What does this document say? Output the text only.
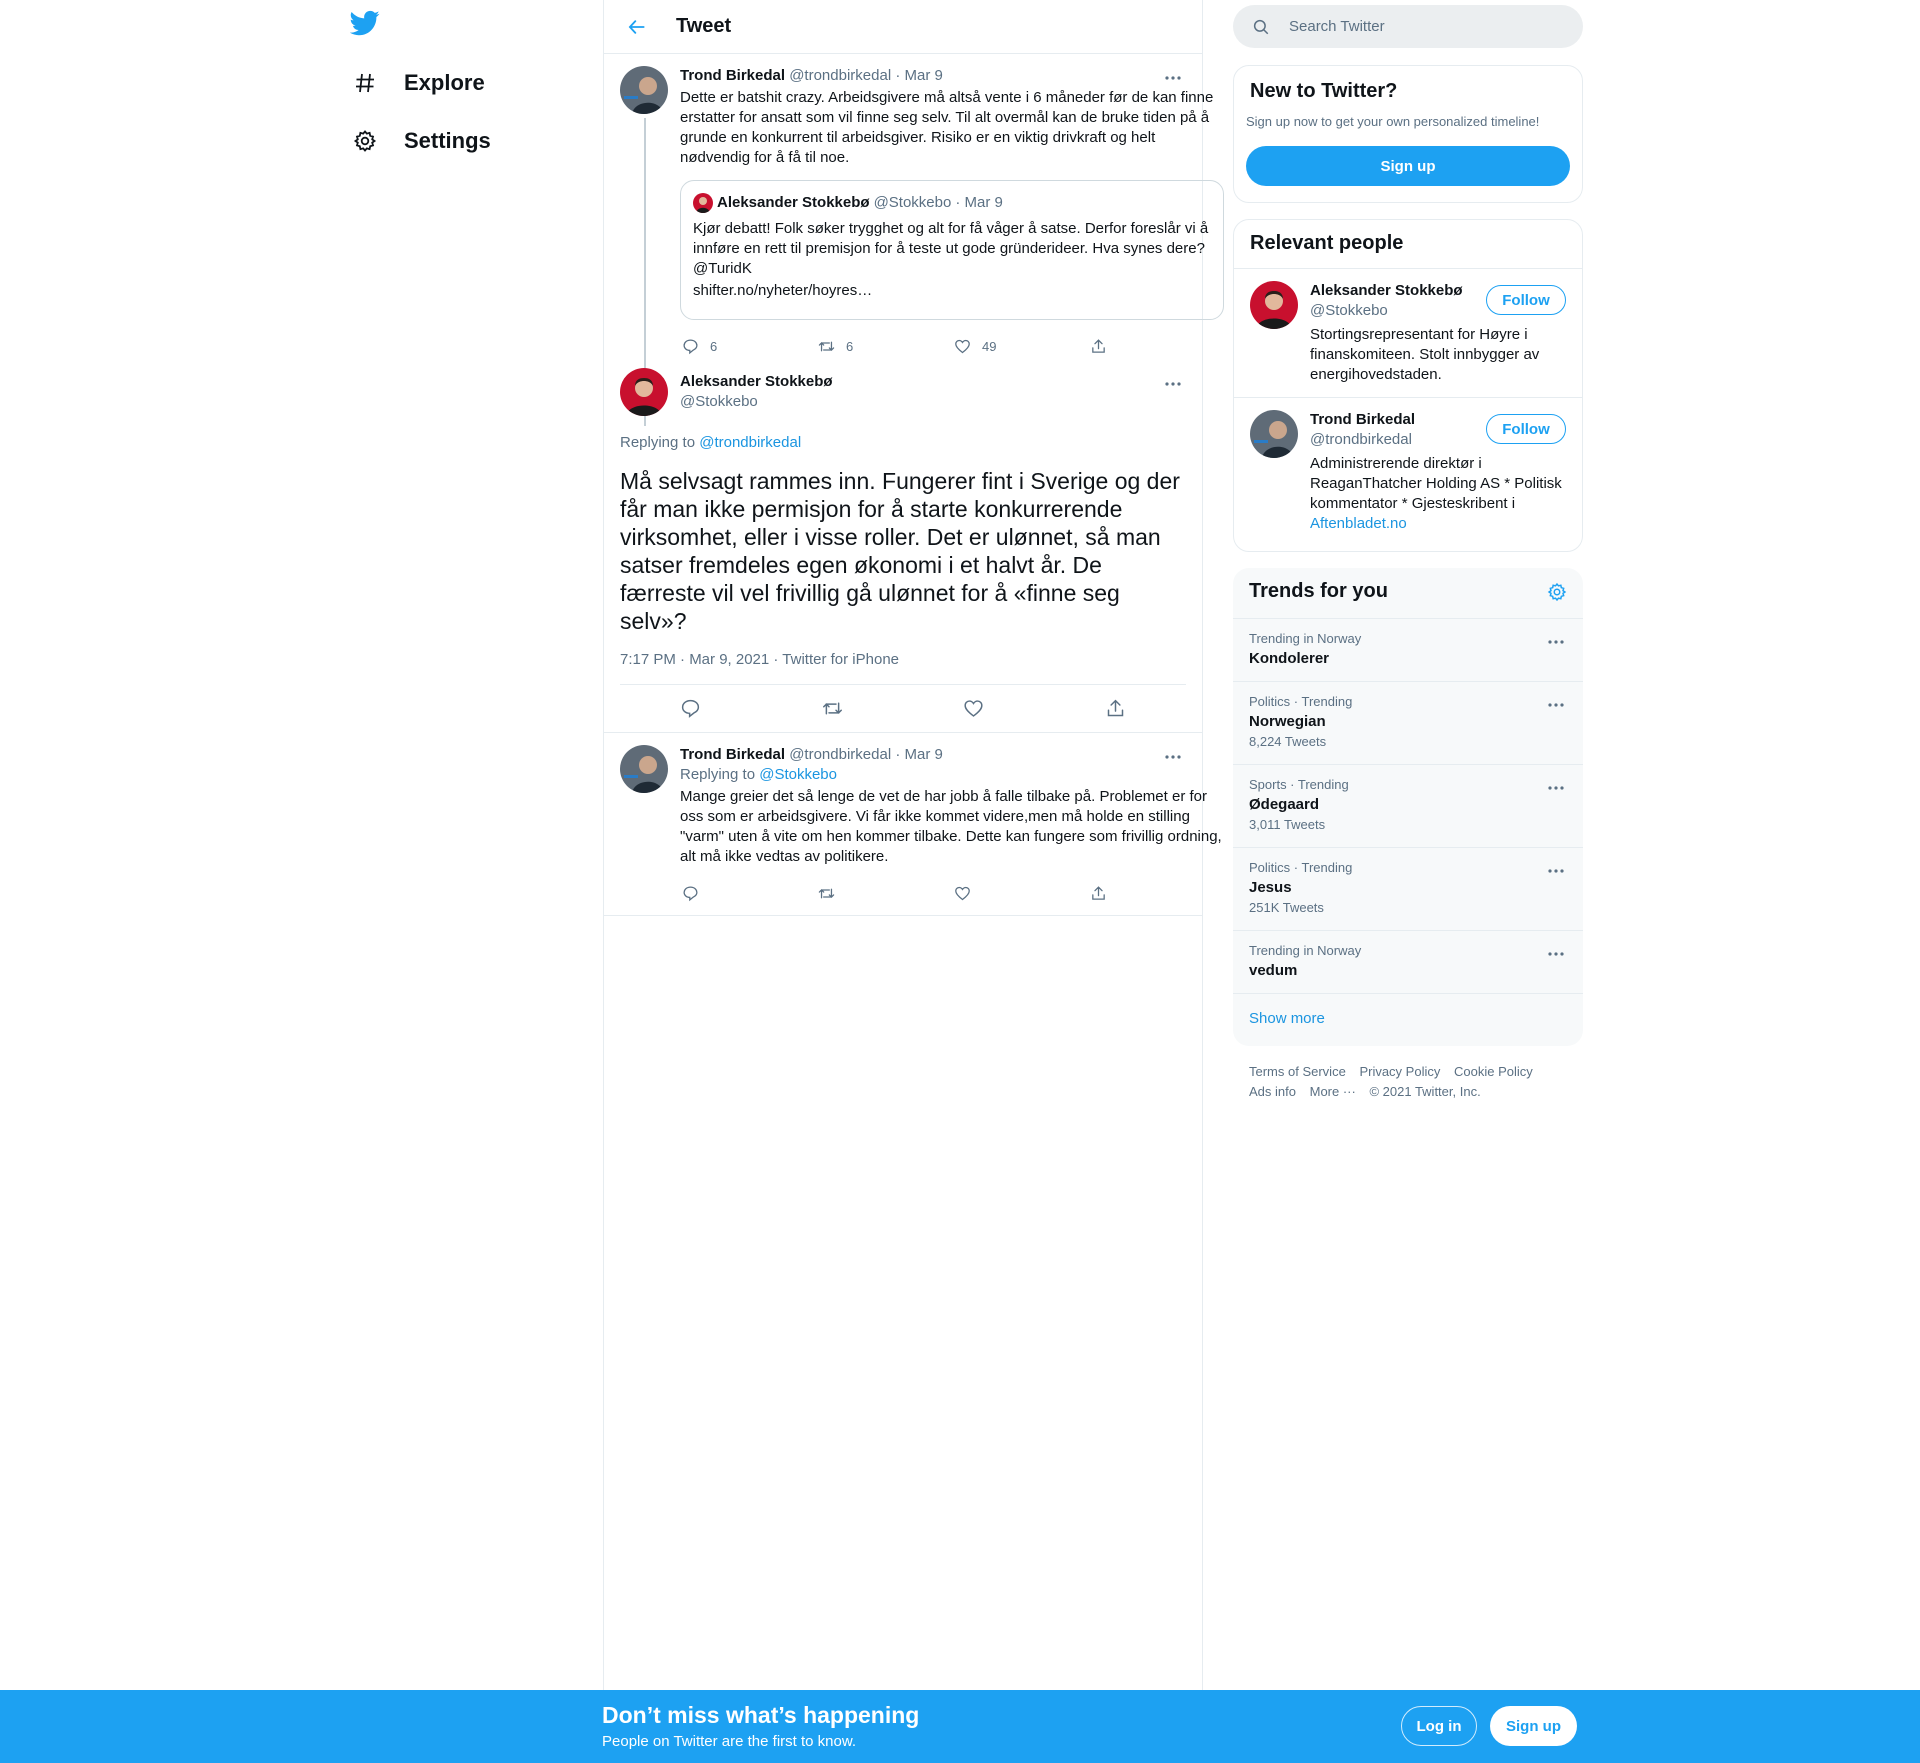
Explore
Settings
Tweet
Trond Birkedal @trondbirkedal · Mar 9
Dette er batshit crazy. Arbeidsgivere må altså vente i 6 måneder før de kan finne erstatter for ansatt som vil finne seg selv. Til alt overmål kan de bruke tiden på å grunde en konkurrent til arbeidsgiver. Risiko er en viktig drivkraft og helt nødvendig for å få til noe.
Aleksander Stokkebø @Stokkebo · Mar 9
Kjør debatt! Folk søker trygghet og alt for få våger å satse. Derfor foreslår vi å innføre en rett til premisjon for å teste ut gode gründerideer. Hva synes dere? @TuridK
shifter.no/nyheter/hoyres…
6	6	49
Aleksander Stokkebø
@Stokkebo
Replying to @trondbirkedal
Må selvsagt rammes inn. Fungerer fint i Sverige og der får man ikke permisjon for å starte konkurrerende virksomhet, eller i visse roller. Det er ulønnet, så man satser fremdeles egen økonomi i et halvt år. De færreste vil vel frivillig gå ulønnet for å «finne seg selv»?
7:17 PM · Mar 9, 2021 · Twitter for iPhone
Trond Birkedal @trondbirkedal · Mar 9
Replying to @Stokkebo
Mange greier det så lenge de vet de har jobb å falle tilbake på. Problemet er for oss som er arbeidsgivere. Vi får ikke kommet videre,men må holde en stilling "varm" uten å vite om hen kommer tilbake. Dette kan fungere som frivillig ordning, alt må ikke vedtas av politikere.
Search Twitter
New to Twitter?
Sign up now to get your own personalized timeline!
Sign up
Relevant people
Aleksander Stokkebø
@Stokkebo
Stortingsrepresentant for Høyre i finanskomiteen. Stolt innbygger av energihovedstaden.
Follow
Trond Birkedal
@trondbirkedal
Administrerende direktør i ReaganThatcher Holding AS * Politisk kommentator * Gjesteskribent i Aftenbladet.no
Follow
Trends for you
Trending in Norway
Kondolerer
Politics · Trending
Norwegian
8,224 Tweets
Sports · Trending
Ødegaard
3,011 Tweets
Politics · Trending
Jesus
251K Tweets
Trending in Norway
vedum
Show more
Terms of Service Privacy Policy Cookie Policy
Ads info More ··· © 2021 Twitter, Inc.
Don’t miss what’s happening
People on Twitter are the first to know.
Log in	Sign up
